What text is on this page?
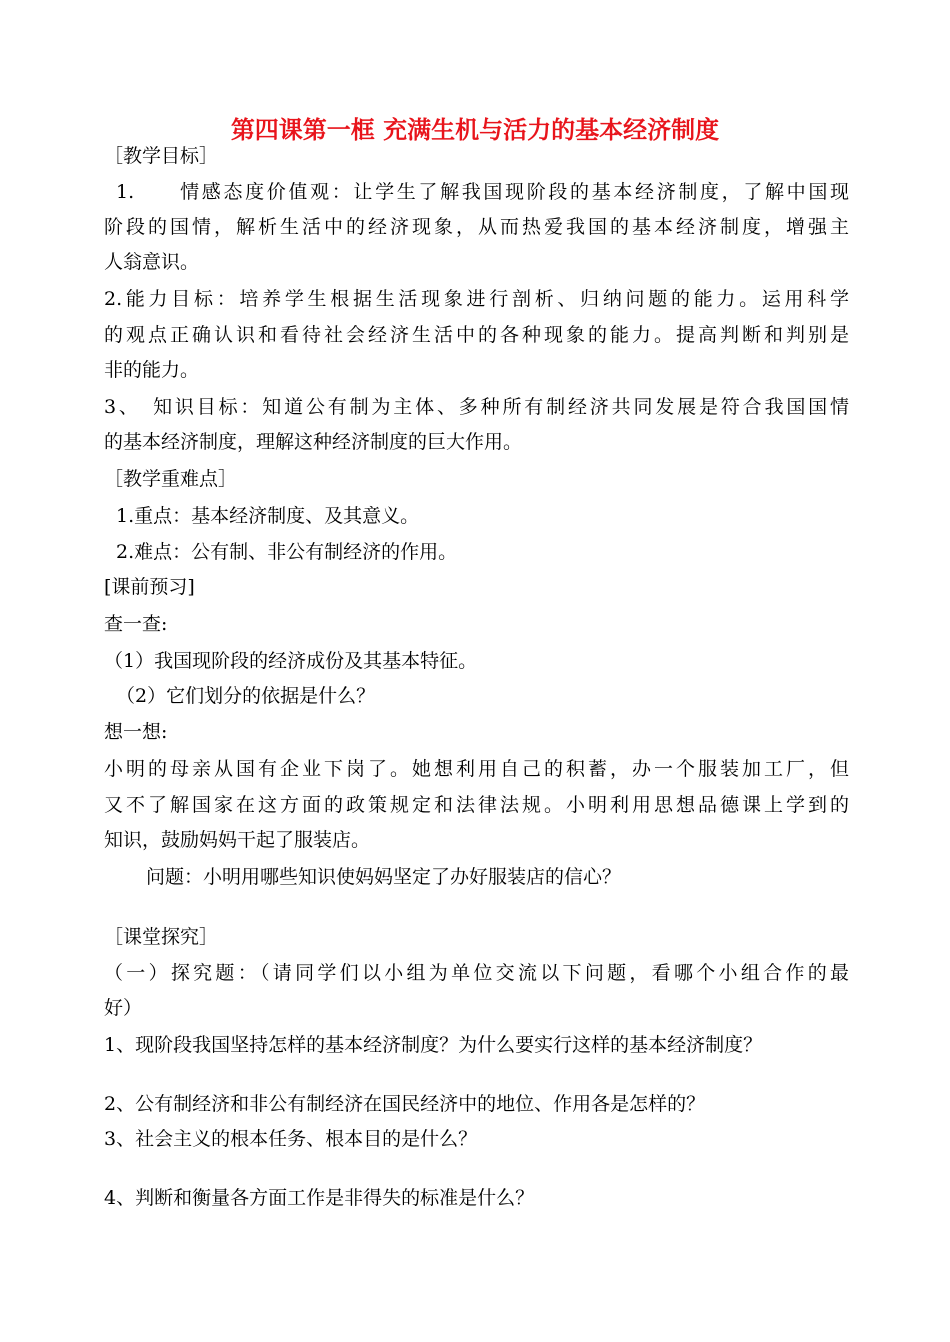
第四课第一框 充满生机与活力的基本经济制度
［教学目标］
1.　　情感态度价值观：让学生了解我国现阶段的基本经济制度，了解中国现
阶段的国情，解析生活中的经济现象，从而热爱我国的基本经济制度，增强主
人翁意识。
2.能力目标：培养学生根据生活现象进行剖析、归纳问题的能力。运用科学
的观点正确认识和看待社会经济生活中的各种现象的能力。提高判断和判别是
非的能力。
3、　知识目标：知道公有制为主体、多种所有制经济共同发展是符合我国国情
的基本经济制度，理解这种经济制度的巨大作用。
［教学重难点］
1.重点：基本经济制度、及其意义。
2.难点：公有制、非公有制经济的作用。
[课前预习]
查一查:
（1）我国现阶段的经济成份及其基本特征。
（2）它们划分的依据是什么？
想一想:
小明的母亲从国有企业下岗了。她想利用自己的积蓄，办一个服装加工厂，但
又不了解国家在这方面的政策规定和法律法规。小明利用思想品德课上学到的
知识，鼓励妈妈干起了服装店。
问题：小明用哪些知识使妈妈坚定了办好服装店的信心？
［课堂探究］
（一）探究题：（请同学们以小组为单位交流以下问题，看哪个小组合作的最
好）
1、现阶段我国坚持怎样的基本经济制度？为什么要实行这样的基本经济制度？
2、公有制经济和非公有制经济在国民经济中的地位、作用各是怎样的？
3、社会主义的根本任务、根本目的是什么？
4、判断和衡量各方面工作是非得失的标准是什么？
